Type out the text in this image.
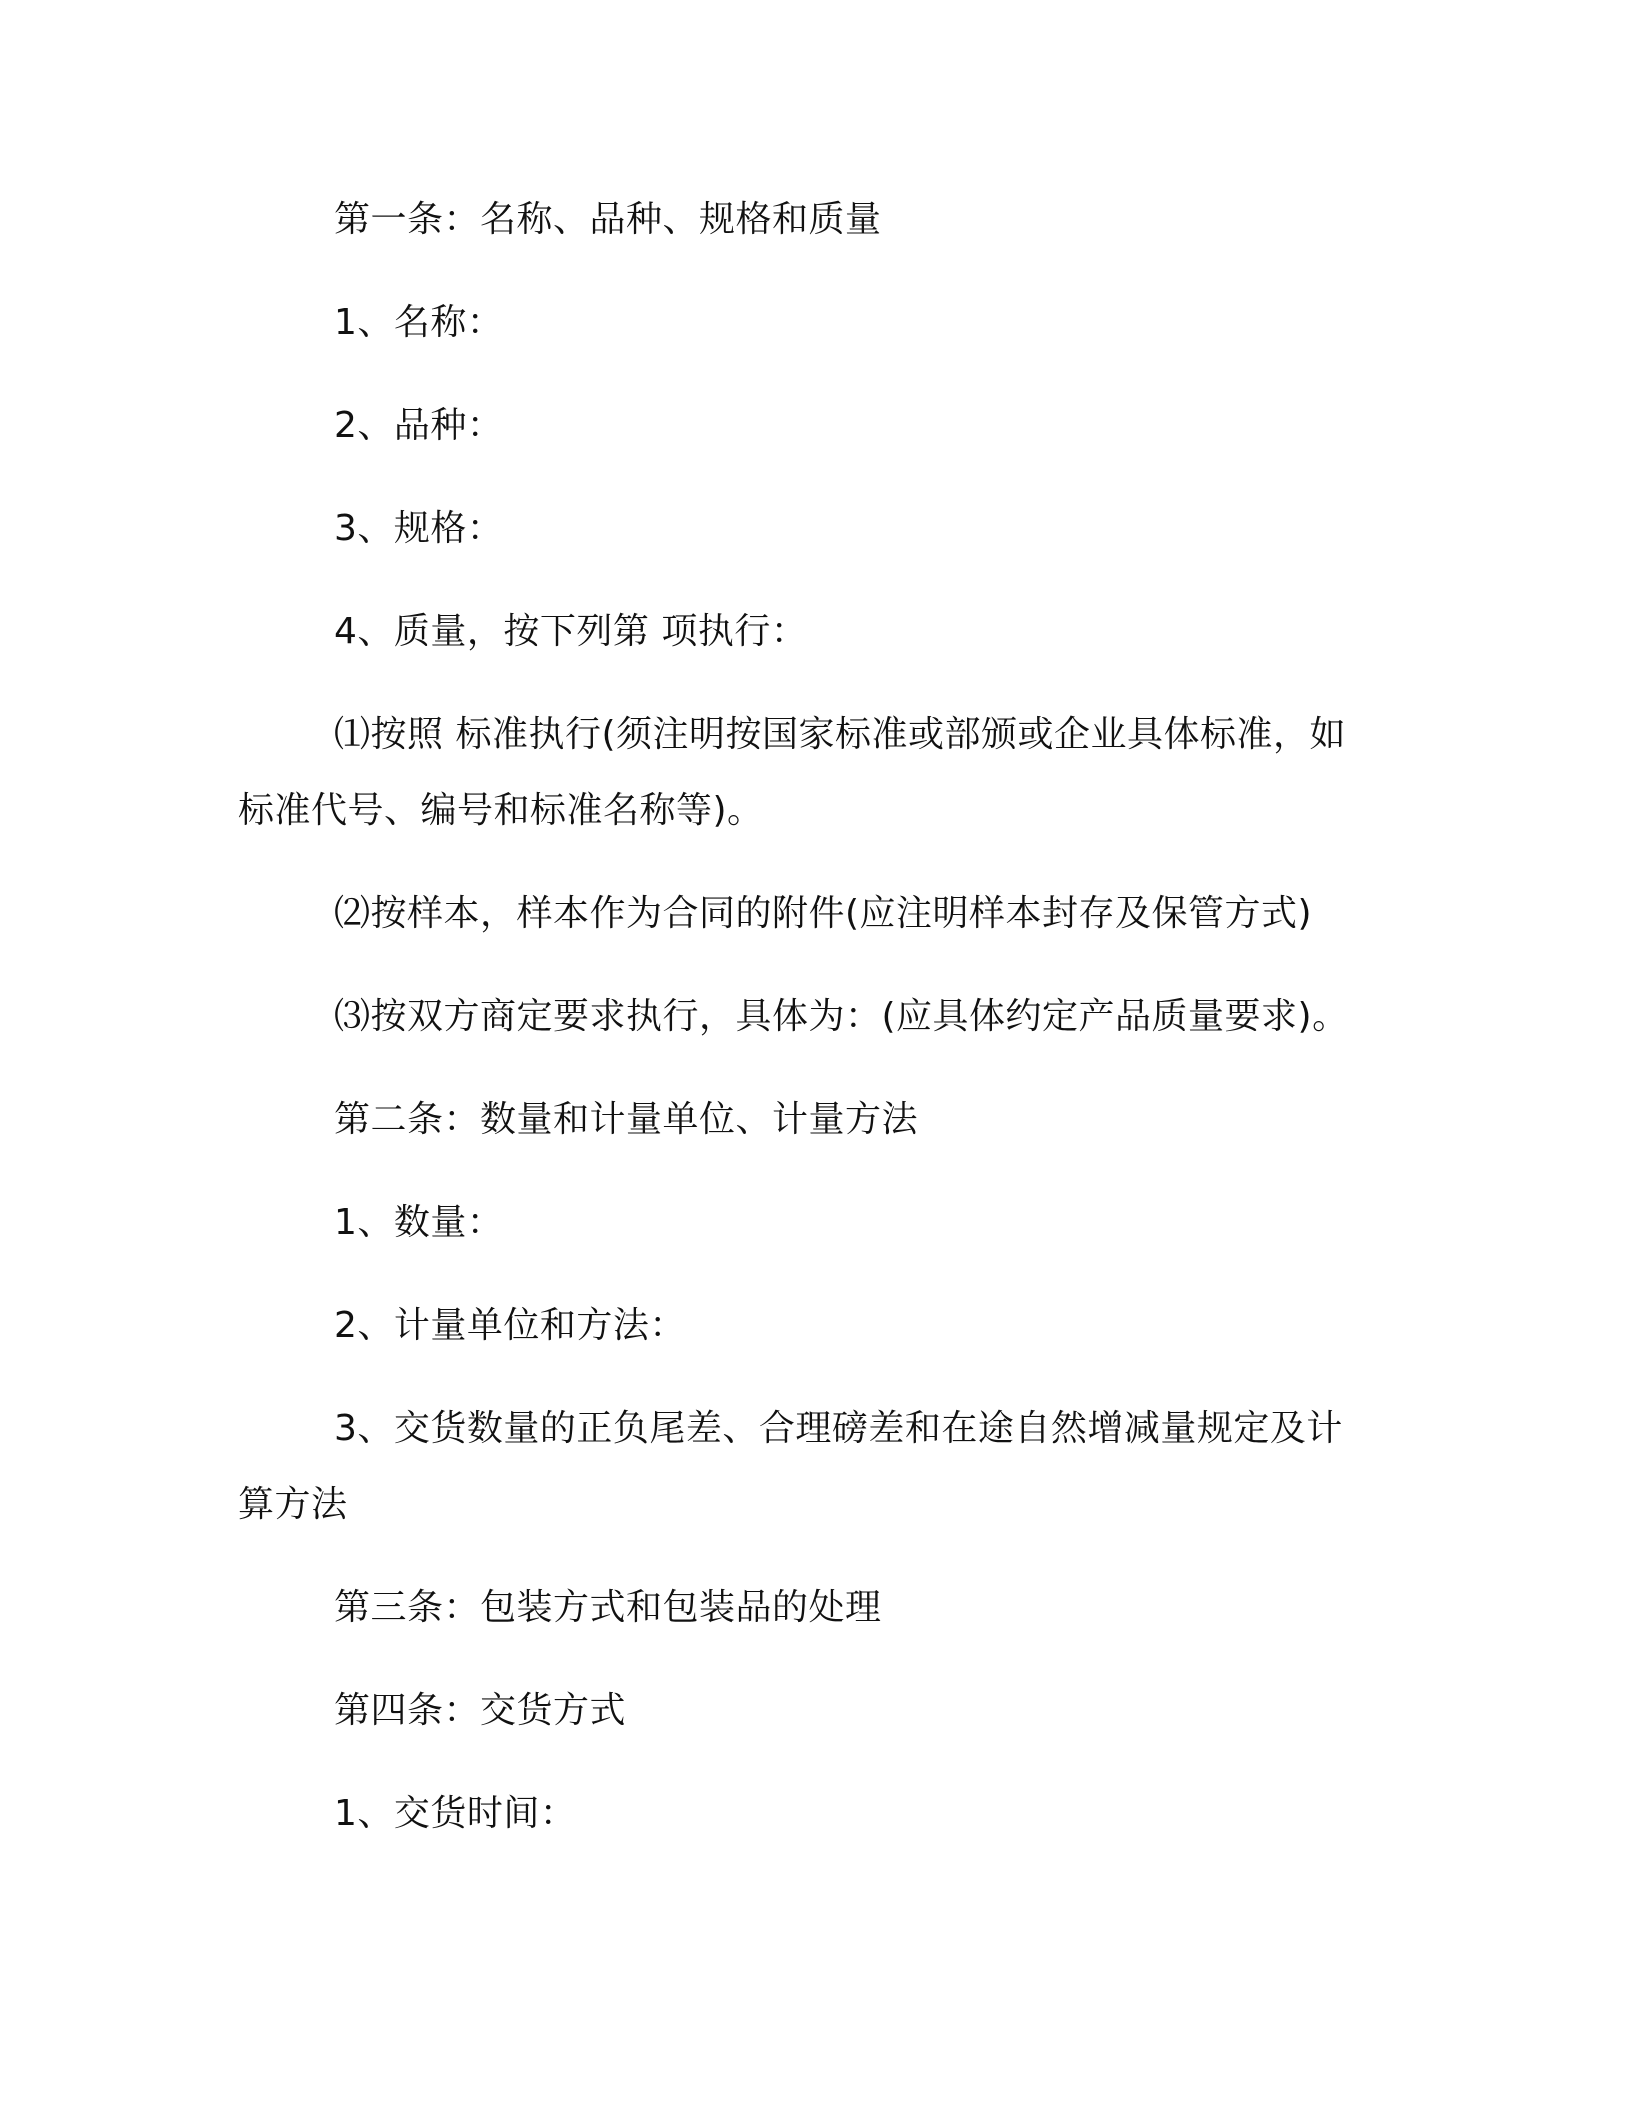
第一条：名称、品种、规格和质量

1、名称：

2、品种：

3、规格：

4、质量，按下列第 项执行：

⑴按照 标准执行(须注明按国家标准或部颁或企业具体标准，如标准代号、编号和标准名称等)。

⑵按样本，样本作为合同的附件(应注明样本封存及保管方式)

⑶按双方商定要求执行，具体为：(应具体约定产品质量要求)。

第二条：数量和计量单位、计量方法

1、数量：

2、计量单位和方法：

3、交货数量的正负尾差、合理磅差和在途自然增减量规定及计算方法

第三条：包装方式和包装品的处理

第四条：交货方式

1、交货时间：
